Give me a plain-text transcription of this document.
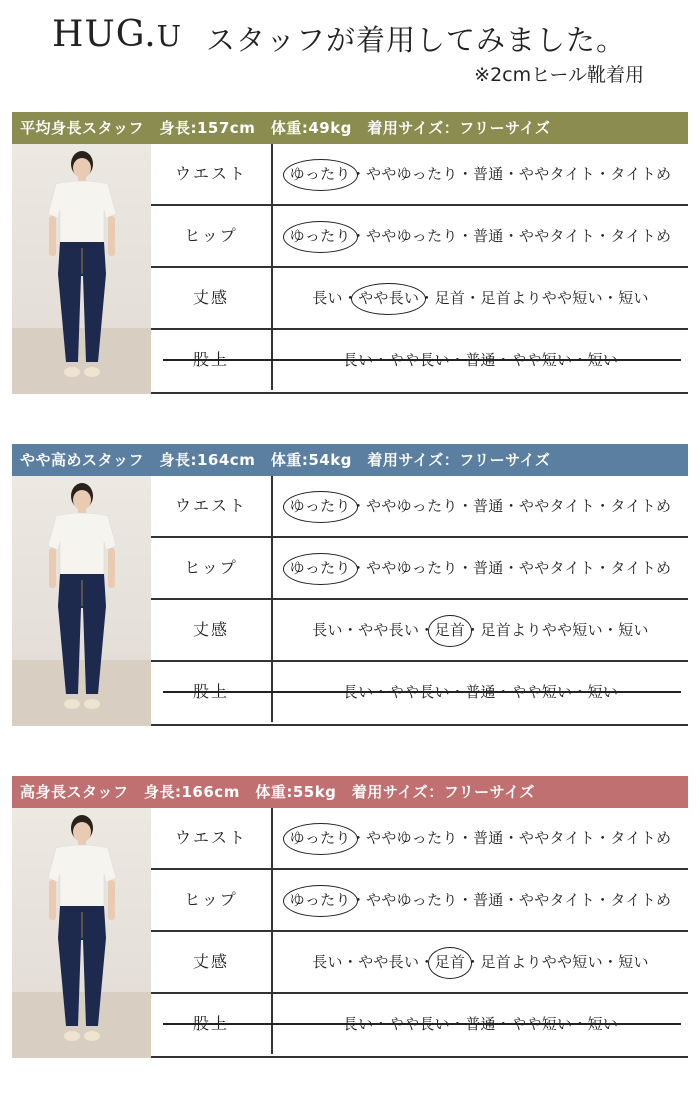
HUG.U スタッフが着用してみました。
※2cmヒール靴着用
平均身長スタッフ　身長:157cm　体重:49kg　着用サイズ：フリーサイズ
ウエスト	ゆったり・ややゆったり・普通・ややタイト・タイトめ
ヒップ	ゆったり・ややゆったり・普通・ややタイト・タイトめ
丈感	長い・やや長い・足首・足首よりやや短い・短い
股上	長い・やや長い・普通・やや短い・短い
やや高めスタッフ　身長:164cm　体重:54kg　着用サイズ：フリーサイズ
ウエスト	ゆったり・ややゆったり・普通・ややタイト・タイトめ
ヒップ	ゆったり・ややゆったり・普通・ややタイト・タイトめ
丈感	長い・やや長い・足首・足首よりやや短い・短い
股上	長い・やや長い・普通・やや短い・短い
高身長スタッフ　身長:166cm　体重:55kg　着用サイズ：フリーサイズ
ウエスト	ゆったり・ややゆったり・普通・ややタイト・タイトめ
ヒップ	ゆったり・ややゆったり・普通・ややタイト・タイトめ
丈感	長い・やや長い・足首・足首よりやや短い・短い
股上	長い・やや長い・普通・やや短い・短い
